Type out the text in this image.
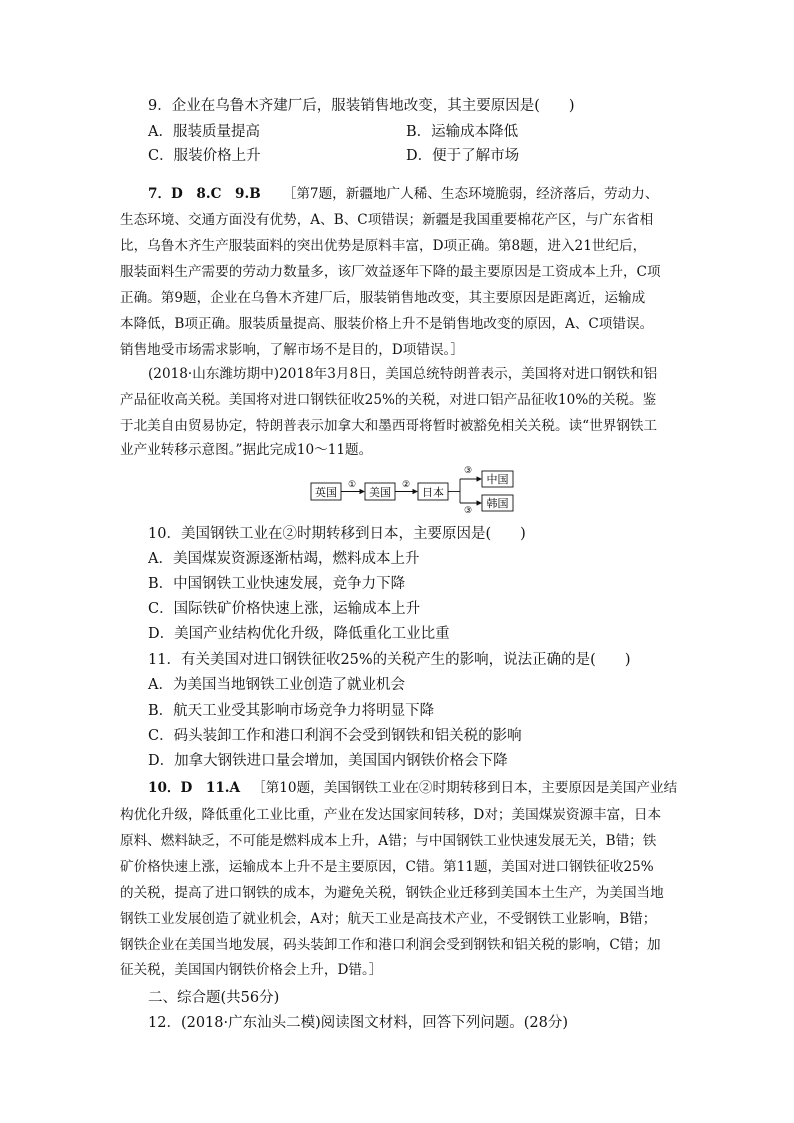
9．企业在乌鲁木齐建厂后，服装销售地改变，其主要原因是(　　)
A．服装质量提高	B．运输成本降低
C．服装价格上升	D．便于了解市场
7．D　8.C　9.B ［第7题，新疆地广人稀、生态环境脆弱，经济落后，劳动力、
生态环境、交通方面没有优势，A、B、C项错误；新疆是我国重要棉花产区，与广东省相
比，乌鲁木齐生产服装面料的突出优势是原料丰富，D项正确。第8题，进入21世纪后，
服装面料生产需要的劳动力数量多，该厂效益逐年下降的最主要原因是工资成本上升，C项
正确。第9题，企业在乌鲁木齐建厂后，服装销售地改变，其主要原因是距离近，运输成
本降低，B项正确。服装质量提高、服装价格上升不是销售地改变的原因，A、C项错误。
销售地受市场需求影响，了解市场不是目的，D项错误。］
(2018·山东潍坊期中)2018年3月8日，美国总统特朗普表示，美国将对进口钢铁和铝
产品征收高关税。美国将对进口钢铁征收25%的关税，对进口铝产品征收10%的关税。鉴
于北美自由贸易协定，特朗普表示加拿大和墨西哥将暂时被豁免相关关税。读“世界钢铁工
业产业转移示意图。”据此完成10～11题。
英国	美国	日本
中国
韩国
①	②
③
③
10．美国钢铁工业在②时期转移到日本，主要原因是(　　)
A．美国煤炭资源逐渐枯竭，燃料成本上升
B．中国钢铁工业快速发展，竞争力下降
C．国际铁矿价格快速上涨，运输成本上升
D．美国产业结构优化升级，降低重化工业比重
11．有关美国对进口钢铁征收25%的关税产生的影响，说法正确的是(　　)
A．为美国当地钢铁工业创造了就业机会
B．航天工业受其影响市场竞争力将明显下降
C．码头装卸工作和港口利润不会受到钢铁和铝关税的影响
D．加拿大钢铁进口量会增加，美国国内钢铁价格会下降
10．D　11.A ［第10题，美国钢铁工业在②时期转移到日本，主要原因是美国产业结
构优化升级，降低重化工业比重，产业在发达国家间转移，D对；美国煤炭资源丰富，日本
原料、燃料缺乏，不可能是燃料成本上升，A错；与中国钢铁工业快速发展无关，B错；铁
矿价格快速上涨，运输成本上升不是主要原因，C错。第11题，美国对进口钢铁征收25%
的关税，提高了进口钢铁的成本，为避免关税，钢铁企业迁移到美国本土生产，为美国当地
钢铁工业发展创造了就业机会，A对；航天工业是高技术产业，不受钢铁工业影响，B错；
钢铁企业在美国当地发展，码头装卸工作和港口利润会受到钢铁和铝关税的影响，C错；加
征关税，美国国内钢铁价格会上升，D错。］
二、综合题(共56分)
12．(2018·广东汕头二模)阅读图文材料，回答下列问题。(28分)
